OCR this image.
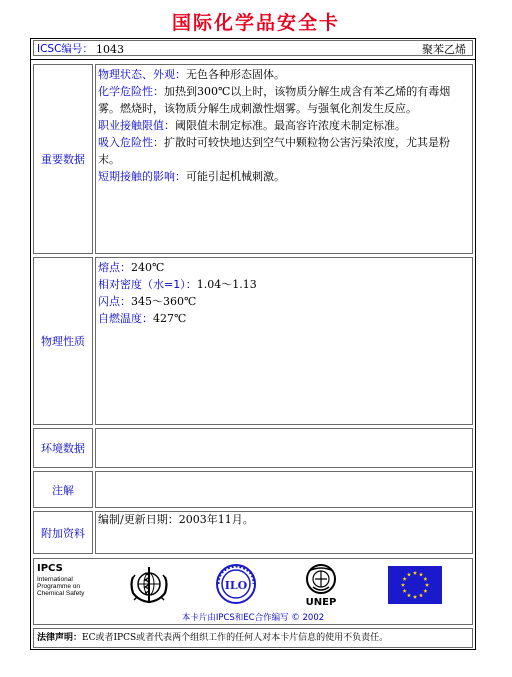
国际化学品安全卡
ICSC编号： 1043	聚苯乙烯
重要数据
物理状态、外观：无色各种形态固体。
化学危险性：加热到300℃以上时，该物质分解生成含有苯乙烯的有毒烟雾。燃烧时，该物质分解生成刺激性烟雾。与强氧化剂发生反应。
职业接触限值：阈限值未制定标准。最高容许浓度未制定标准。
吸入危险性：扩散时可较快地达到空气中颗粒物公害污染浓度，尤其是粉末。
短期接触的影响：可能引起机械刺激。
物理性质
熔点：240℃
相对密度（水=1）：1.04～1.13
闪点：345～360℃
自燃温度：427℃
环境数据
注解
附加资料
编制/更新日期：2003年11月。
IPCS
International
Programme on
Chemical Safety
ILO
UNEP
本卡片由IPCS和EC合作编写 © 2002
法律声明：EC或者IPCS或者代表两个组织工作的任何人对本卡片信息的使用不负责任。
